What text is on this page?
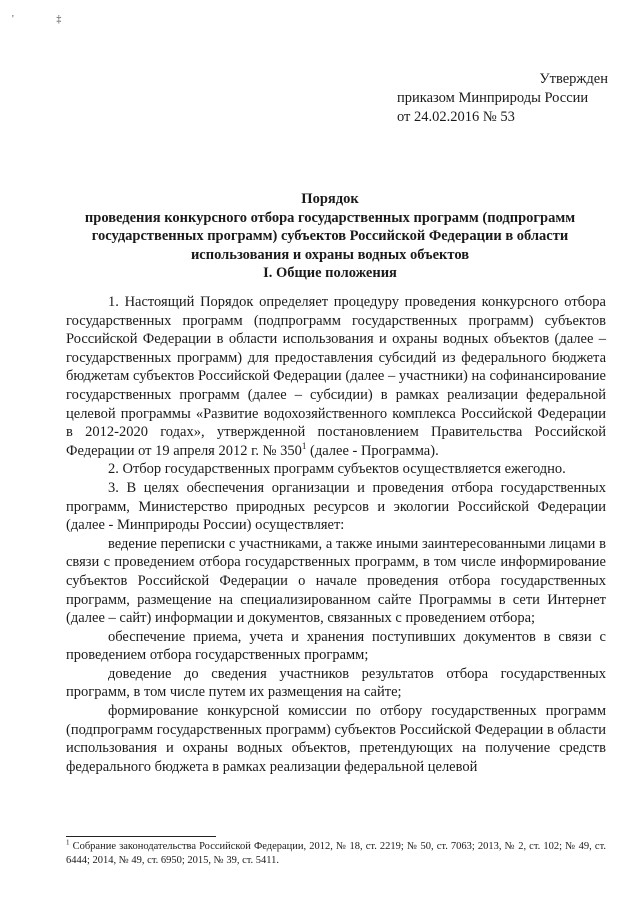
'	‡
Утвержден
приказом Минприроды России
от 24.02.2016 № 53
Порядок
проведения конкурсного отбора государственных программ (подпрограмм государственных программ) субъектов Российской Федерации в области использования и охраны водных объектов
I. Общие положения

1. Настоящий Порядок определяет процедуру проведения конкурсного отбора государственных программ (подпрограмм государственных программ) субъектов Российской Федерации в области использования и охраны водных объектов (далее – государственных программ) для предоставления субсидий из федерального бюджета бюджетам субъектов Российской Федерации (далее – участники) на софинансирование государственных программ (далее – субсидии) в рамках реализации федеральной целевой программы «Развитие водохозяйственного комплекса Российской Федерации в 2012-2020 годах», утвержденной постановлением Правительства Российской Федерации от 19 апреля 2012 г. № $350^1$ (далее - Программа).

2. Отбор государственных программ субъектов осуществляется ежегодно.

3. В целях обеспечения организации и проведения отбора государственных программ, Министерство природных ресурсов и экологии Российской Федерации (далее - Минприроды России) осуществляет:

ведение переписки с участниками, а также иными заинтересованными лицами в связи с проведением отбора государственных программ, в том числе информирование субъектов Российской Федерации о начале проведения отбора государственных программ, размещение на специализированном сайте Программы в сети Интернет (далее – сайт) информации и документов, связанных с проведением отбора;

обеспечение приема, учета и хранения поступивших документов в связи с проведением отбора государственных программ;

доведение до сведения участников результатов отбора государственных программ, в том числе путем их размещения на сайте;

формирование конкурсной комиссии по отбору государственных программ (подпрограмм государственных программ) субъектов Российской Федерации в области использования и охраны водных объектов, претендующих на получение средств федерального бюджета в рамках реализации федеральной целевой

$^1$ Собрание законодательства Российской Федерации, 2012, № 18, ст. 2219; № 50, ст. 7063; 2013, № 2, ст. 102; № 49, ст. 6444; 2014, № 49, ст. 6950; 2015, № 39, ст. 5411.
